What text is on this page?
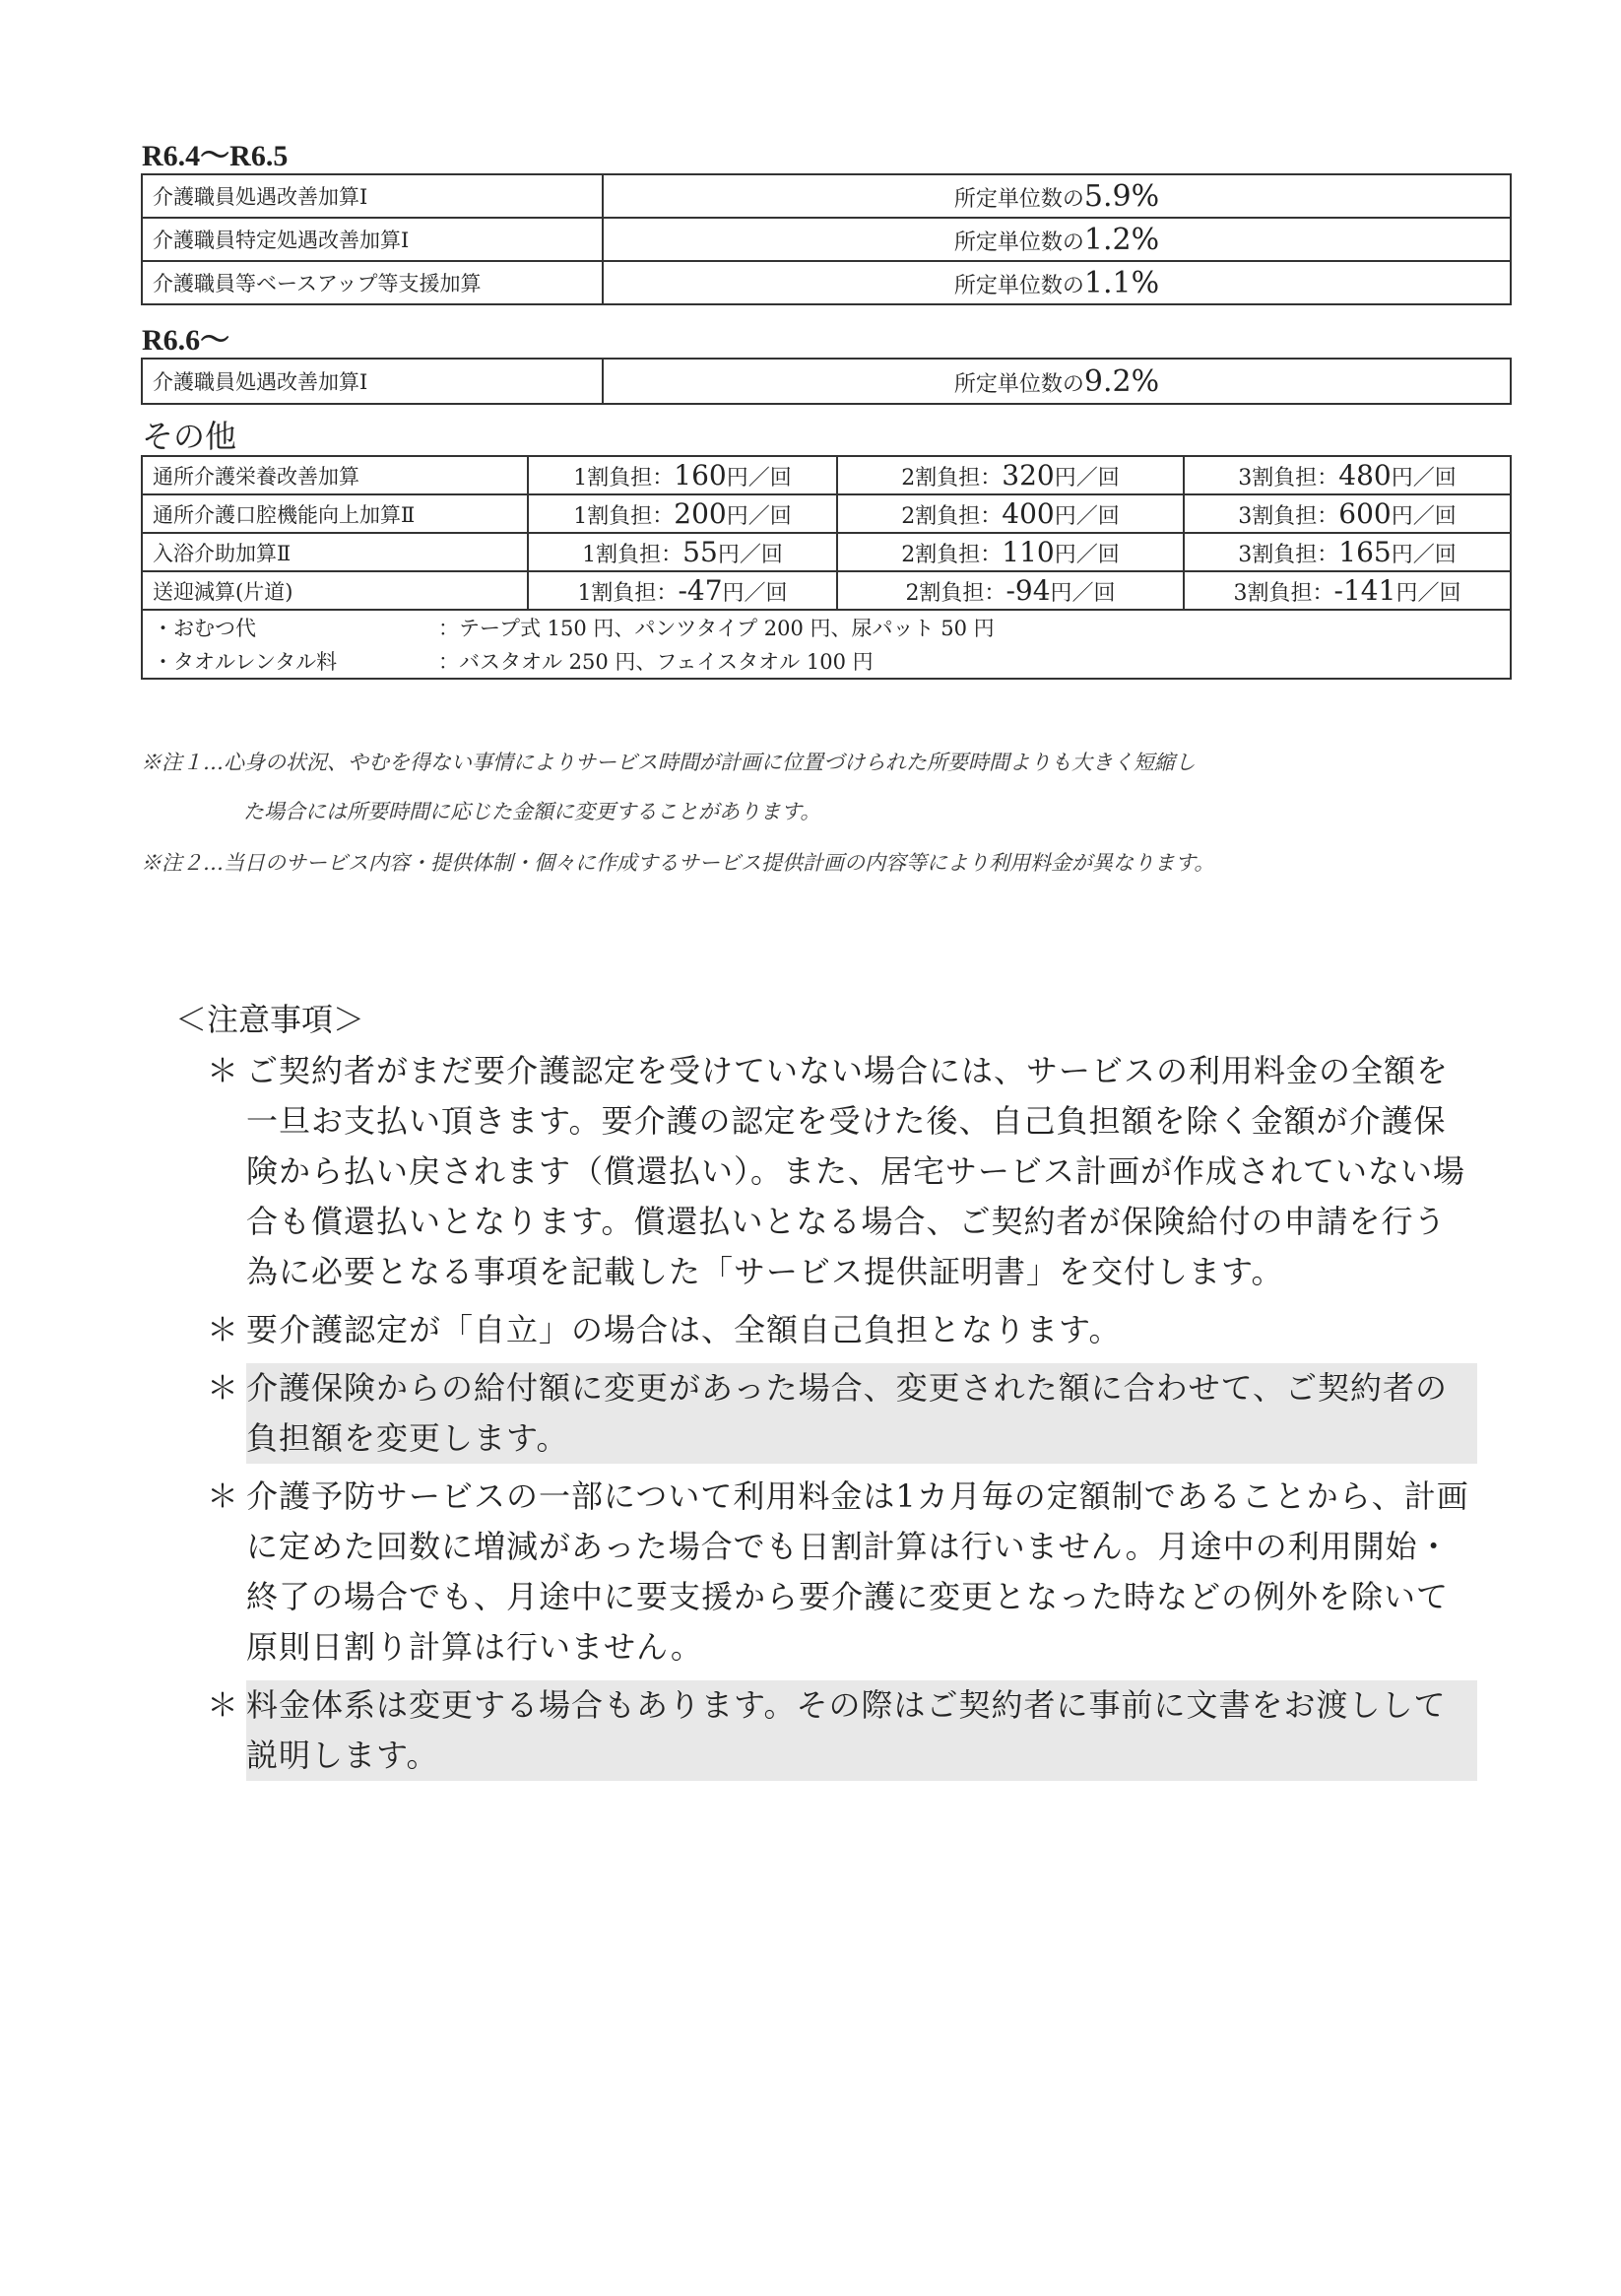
R6.4〜R6.5
介護職員処遇改善加算Ⅰ	所定単位数の5.9%
介護職員特定処遇改善加算Ⅰ	所定単位数の1.2%
介護職員等ベースアップ等支援加算	所定単位数の1.1%
R6.6〜
介護職員処遇改善加算Ⅰ	所定単位数の9.2%
その他
通所介護栄養改善加算	1割負担：160円／回	2割負担：320円／回	3割負担：480円／回
通所介護口腔機能向上加算Ⅱ	1割負担：200円／回	2割負担：400円／回	3割負担：600円／回
入浴介助加算Ⅱ	1割負担：55円／回	2割負担：110円／回	3割負担：165円／回
送迎減算(片道)	1割負担：-47円／回	2割負担：-94円／回	3割負担：-141円／回

・おむつ代 ：テープ式 150 円、パンツタイプ 200 円、尿パット 50 円
・タオルレンタル料 ：バスタオル 250 円、フェイスタオル 100 円			
※注１…心身の状況、やむを得ない事情によりサービス時間が計画に位置づけられた所要時間よりも大きく短縮し
た場合には所要時間に応じた金額に変更することがあります。
※注２…当日のサービス内容・提供体制・個々に作成するサービス提供計画の内容等により利用料金が異なります。
＜注意事項＞
＊ ご契約者がまだ要介護認定を受けていない場合には、サービスの利用料金の全額を一旦お支払い頂きます。要介護の認定を受けた後、自己負担額を除く金額が介護保険から払い戻されます（償還払い）。また、居宅サービス計画が作成されていない場合も償還払いとなります。償還払いとなる場合、ご契約者が保険給付の申請を行う為に必要となる事項を記載した「サービス提供証明書」を交付します。
＊ 要介護認定が「自立」の場合は、全額自己負担となります。
＊ 介護保険からの給付額に変更があった場合、変更された額に合わせて、ご契約者の負担額を変更します。
＊ 介護予防サービスの一部について利用料金は1カ月毎の定額制であることから、計画に定めた回数に増減があった場合でも日割計算は行いません。月途中の利用開始・終了の場合でも、月途中に要支援から要介護に変更となった時などの例外を除いて原則日割り計算は行いません。
＊ 料金体系は変更する場合もあります。その際はご契約者に事前に文書をお渡しして説明します。
